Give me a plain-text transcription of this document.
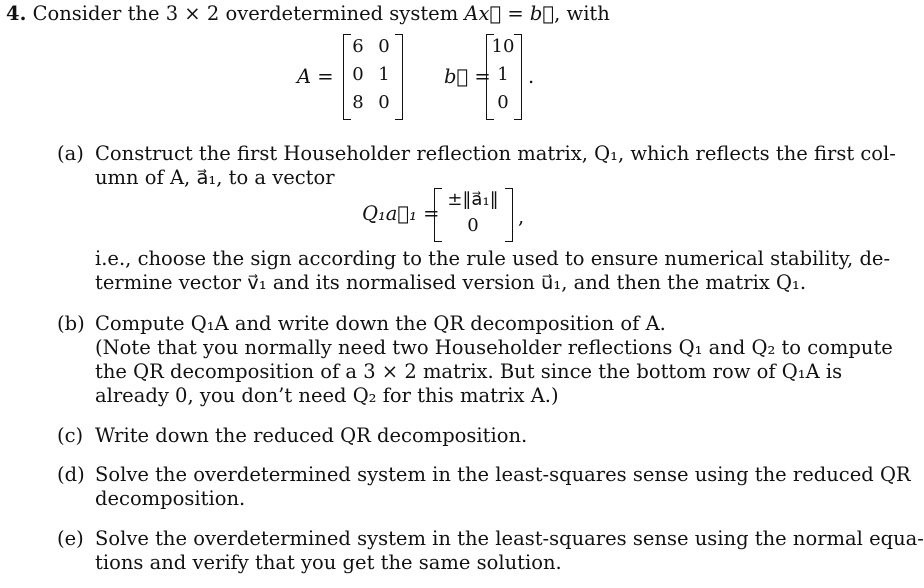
4. Consider the 3 × 2 overdetermined system Ax⃗ = b⃗, with
A =
6 0
0 1
8 0
b⃗ =
10
1
0
.
(a) Construct the first Householder reflection matrix, Q₁, which reflects the first col-
umn of A, a⃗₁, to a vector
Q₁a⃗₁ =
±‖a⃗₁‖
0	,
i.e., choose the sign according to the rule used to ensure numerical stability, de-
termine vector v⃗₁ and its normalised version u⃗₁, and then the matrix Q₁.
(b) Compute Q₁A and write down the QR decomposition of A.
(Note that you normally need two Householder reflections Q₁ and Q₂ to compute
the QR decomposition of a 3 × 2 matrix. But since the bottom row of Q₁A is
already 0, you don’t need Q₂ for this matrix A.)
(c) Write down the reduced QR decomposition.
(d) Solve the overdetermined system in the least-squares sense using the reduced QR
decomposition.
(e) Solve the overdetermined system in the least-squares sense using the normal equa-
tions and verify that you get the same solution.
